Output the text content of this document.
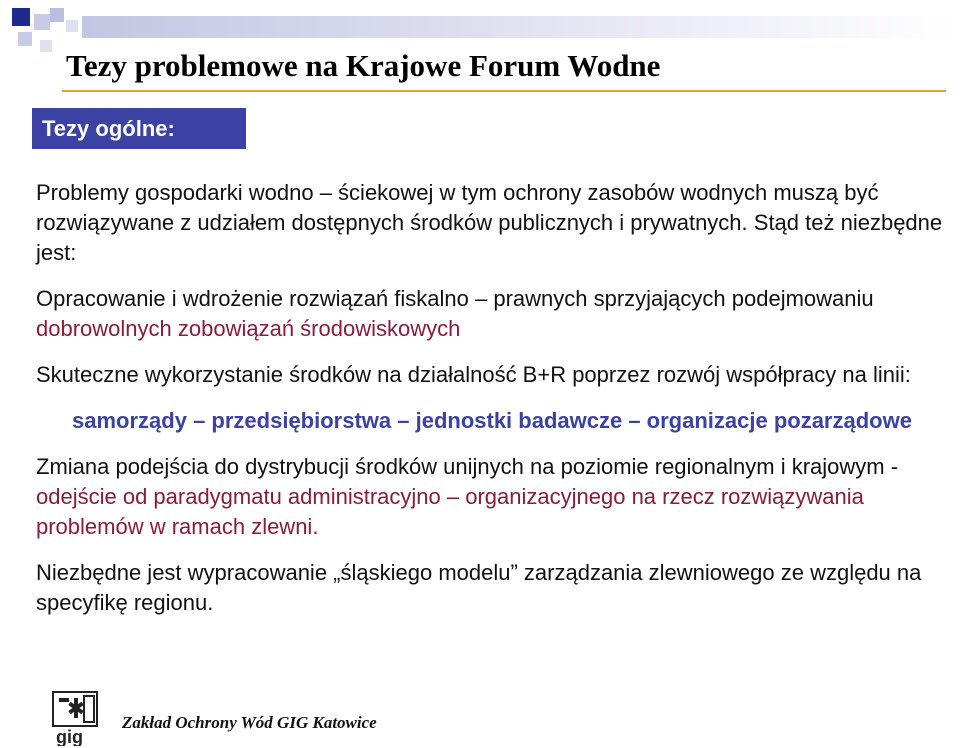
Tezy problemowe na Krajowe Forum Wodne
Tezy ogólne:

Problemy gospodarki wodno – ściekowej w tym ochrony zasobów wodnych muszą być rozwiązywane z udziałem dostępnych środków publicznych i prywatnych. Stąd też niezbędne jest:

Opracowanie i wdrożenie rozwiązań fiskalno – prawnych sprzyjających podejmowaniu dobrowolnych zobowiązań środowiskowych

Skuteczne wykorzystanie środków na działalność B+R poprzez rozwój współpracy na linii:

samorządy – przedsiębiorstwa – jednostki badawcze – organizacje pozarządowe

Zmiana podejścia do dystrybucji środków unijnych na poziomie regionalnym i krajowym - odejście od paradygmatu administracyjno – organizacyjnego na rzecz rozwiązywania problemów w ramach zlewni.

Niezbędne jest wypracowanie „śląskiego modelu” zarządzania zlewniowego ze względu na specyfikę regionu.

gig
Zakład Ochrony Wód GIG Katowice
